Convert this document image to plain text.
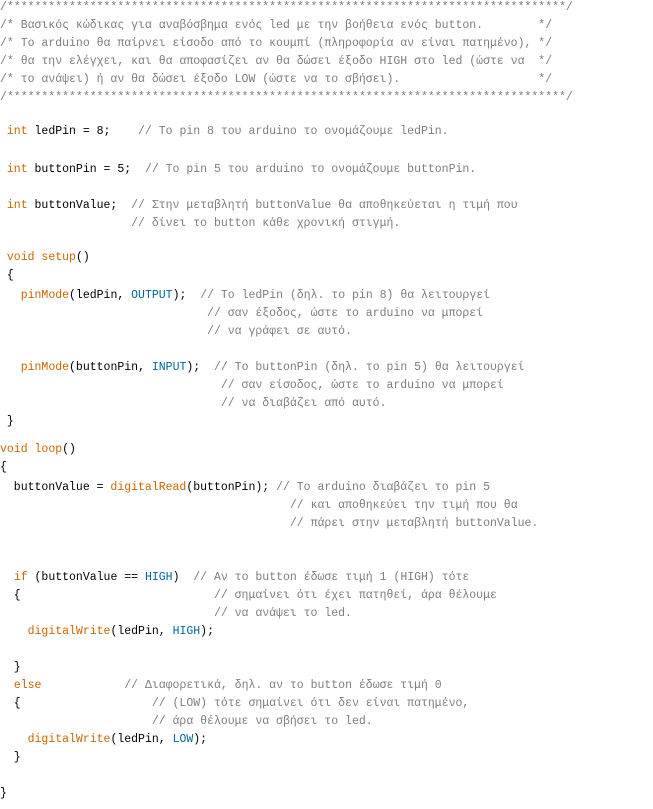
/*********************************************************************************/
/* Βασικός κώδικας για αναβόσβημα ενός led με την βοήθεια ενός button.        */
/* Το arduino θα παίρνει είσοδο από το κουμπί (πληροφορία αν είναι πατημένο), */
/* θα την ελέγχει, και θα αποφασίζει αν θα δώσει έξοδο HIGH στο led (ώστε να  */
/* το ανάψει) ή αν θα δώσει έξοδο LOW (ώστε να το σβήσει).                    */
/*********************************************************************************/
int ledPin = 8;    // Το pin 8 του arduino το ονομάζουμε ledPin.
int buttonPin = 5;  // Το pin 5 του arduino το ονομάζουμε buttonPin.
int buttonValue;  // Στην μεταβλητή buttonValue θα αποθηκεύεται η τιμή που
// δίνει το button κάθε χρονική στιγμή.
void setup()
{
pinMode(ledPin, OUTPUT);  // Το ledPin (δηλ. το pin 8) θα λειτουργεί
// σαν έξοδος, ώστε το arduino να μπορεί
// να γράφει σε αυτό.
pinMode(buttonPin, INPUT);  // Το buttonPin (δηλ. το pin 5) θα λειτουργεί
// σαν είσοδος, ώστε το arduino να μπορεί
// να διαβάζει από αυτό.
}
void loop()
{
buttonValue = digitalRead(buttonPin); // Το arduino διαβάζει το pin 5
// και αποθηκεύει την τιμή που θα
// πάρει στην μεταβλητή buttonValue.
if (buttonValue == HIGH)  // Αν το button έδωσε τιμή 1 (HIGH) τότε
{                            // σημαίνει ότι έχει πατηθεί, άρα θέλουμε
// να ανάψει το led.
digitalWrite(ledPin, HIGH);
}
else	// Διαφορετικά, δηλ. αν το button έδωσε τιμή 0
{                   // (LOW) τότε σημαίνει ότι δεν είναι πατημένο,
// άρα θέλουμε να σβήσει το led.
digitalWrite(ledPin, LOW);
}
}
